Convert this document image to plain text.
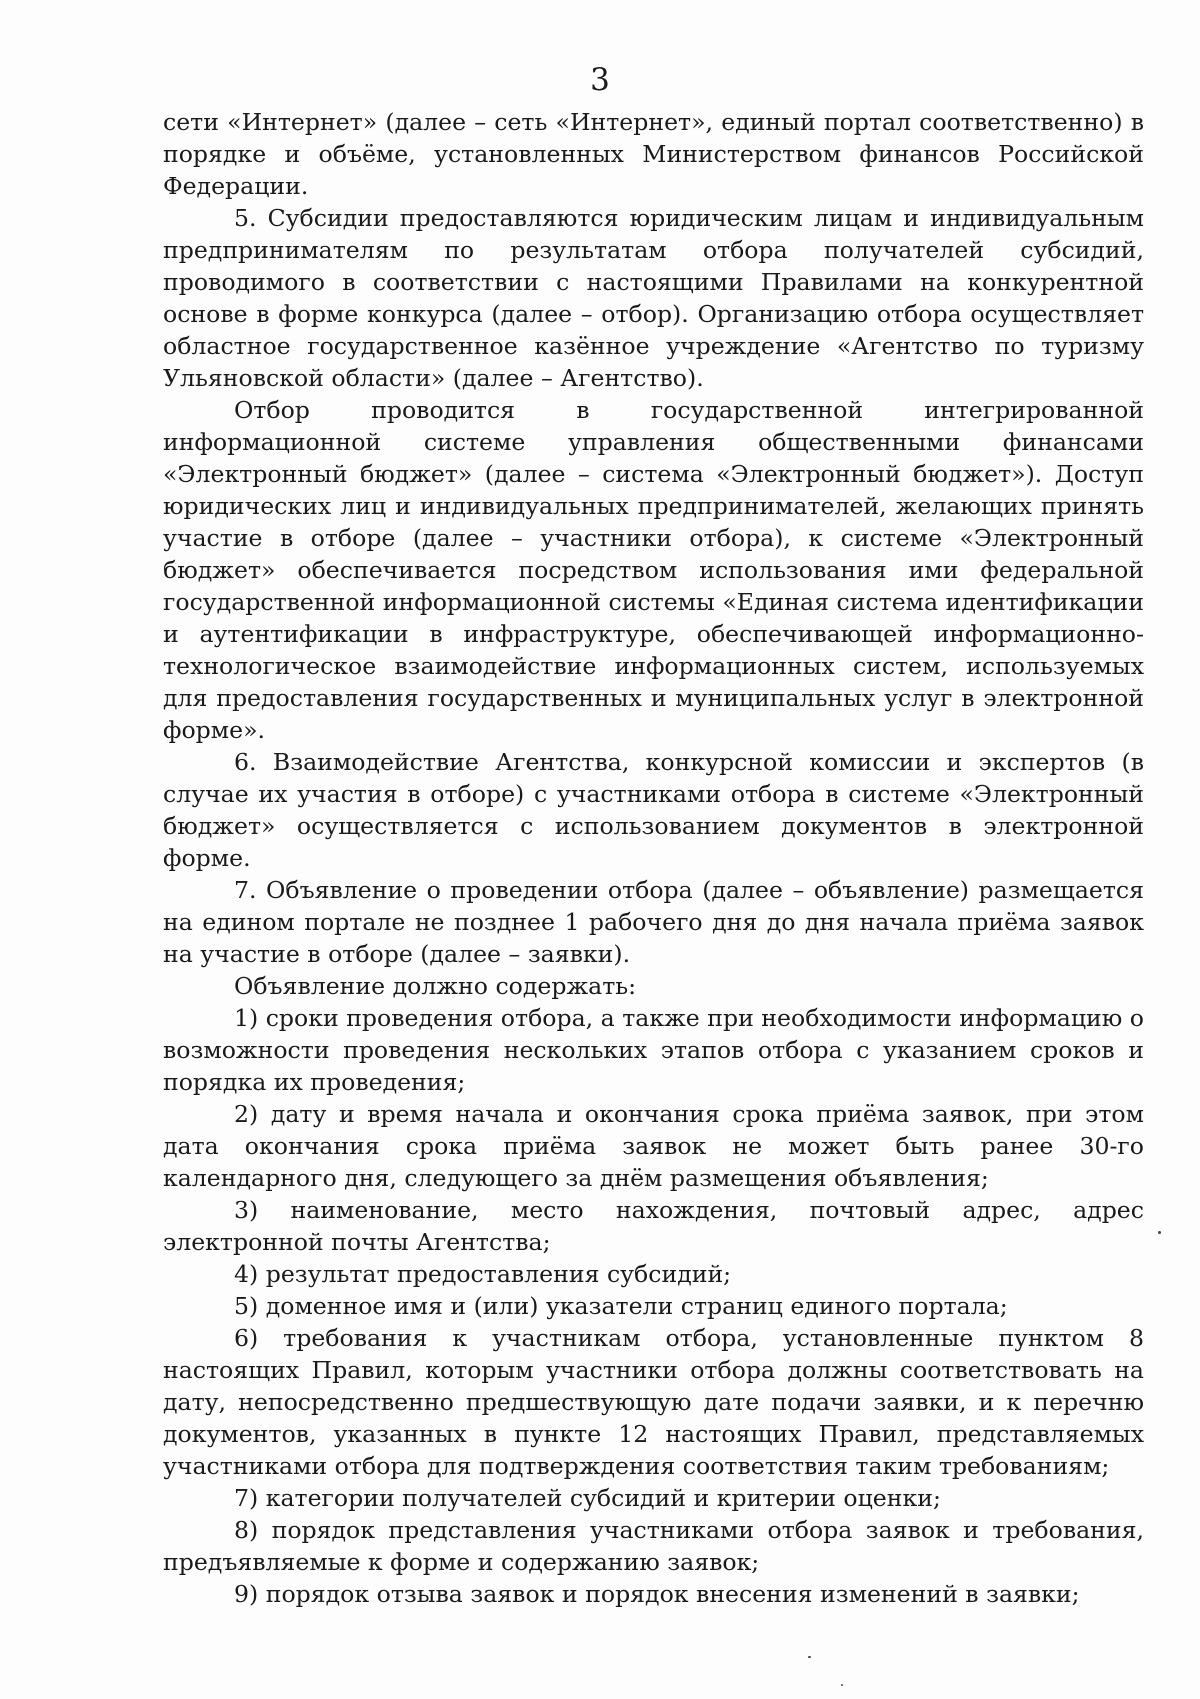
3

сети «Интернет» (далее – сеть «Интернет», единый портал соответственно) в порядке и объёме, установленных Министерством финансов Российской Федерации.

5. Субсидии предоставляются юридическим лицам и индивидуальным предпринимателям по результатам отбора получателей субсидий, проводимого в соответствии с настоящими Правилами на конкурентной основе в форме конкурса (далее – отбор). Организацию отбора осуществляет областное государственное казённое учреждение «Агентство по туризму Ульяновской области» (далее – Агентство).

Отбор проводится в государственной интегрированной информационной системе управления общественными финансами «Электронный бюджет» (далее – система «Электронный бюджет»). Доступ юридических лиц и индивидуальных предпринимателей, желающих принять участие в отборе (далее – участники отбора), к системе «Электронный бюджет» обеспечивается посредством использования ими федеральной государственной информационной системы «Единая система идентификации и аутентификации в инфраструктуре, обеспечивающей информационно-технологическое взаимодействие информационных систем, используемых для предоставления государственных и муниципальных услуг в электронной форме».

6. Взаимодействие Агентства, конкурсной комиссии и экспертов (в случае их участия в отборе) с участниками отбора в системе «Электронный бюджет» осуществляется с использованием документов в электронной форме.

7. Объявление о проведении отбора (далее – объявление) размещается на едином портале не позднее 1 рабочего дня до дня начала приёма заявок на участие в отборе (далее – заявки).

Объявление должно содержать:

1) сроки проведения отбора, а также при необходимости информацию о возможности проведения нескольких этапов отбора с указанием сроков и порядка их проведения;

2) дату и время начала и окончания срока приёма заявок, при этом дата окончания срока приёма заявок не может быть ранее 30-го календарного дня, следующего за днём размещения объявления;

3) наименование, место нахождения, почтовый адрес, адрес электронной почты Агентства;

4) результат предоставления субсидий;

5) доменное имя и (или) указатели страниц единого портала;

6) требования к участникам отбора, установленные пунктом 8 настоящих Правил, которым участники отбора должны соответствовать на дату, непосредственно предшествующую дате подачи заявки, и к перечню документов, указанных в пункте 12 настоящих Правил, представляемых участниками отбора для подтверждения соответствия таким требованиям;

7) категории получателей субсидий и критерии оценки;

8) порядок представления участниками отбора заявок и требования, предъявляемые к форме и содержанию заявок;

9) порядок отзыва заявок и порядок внесения изменений в заявки;
